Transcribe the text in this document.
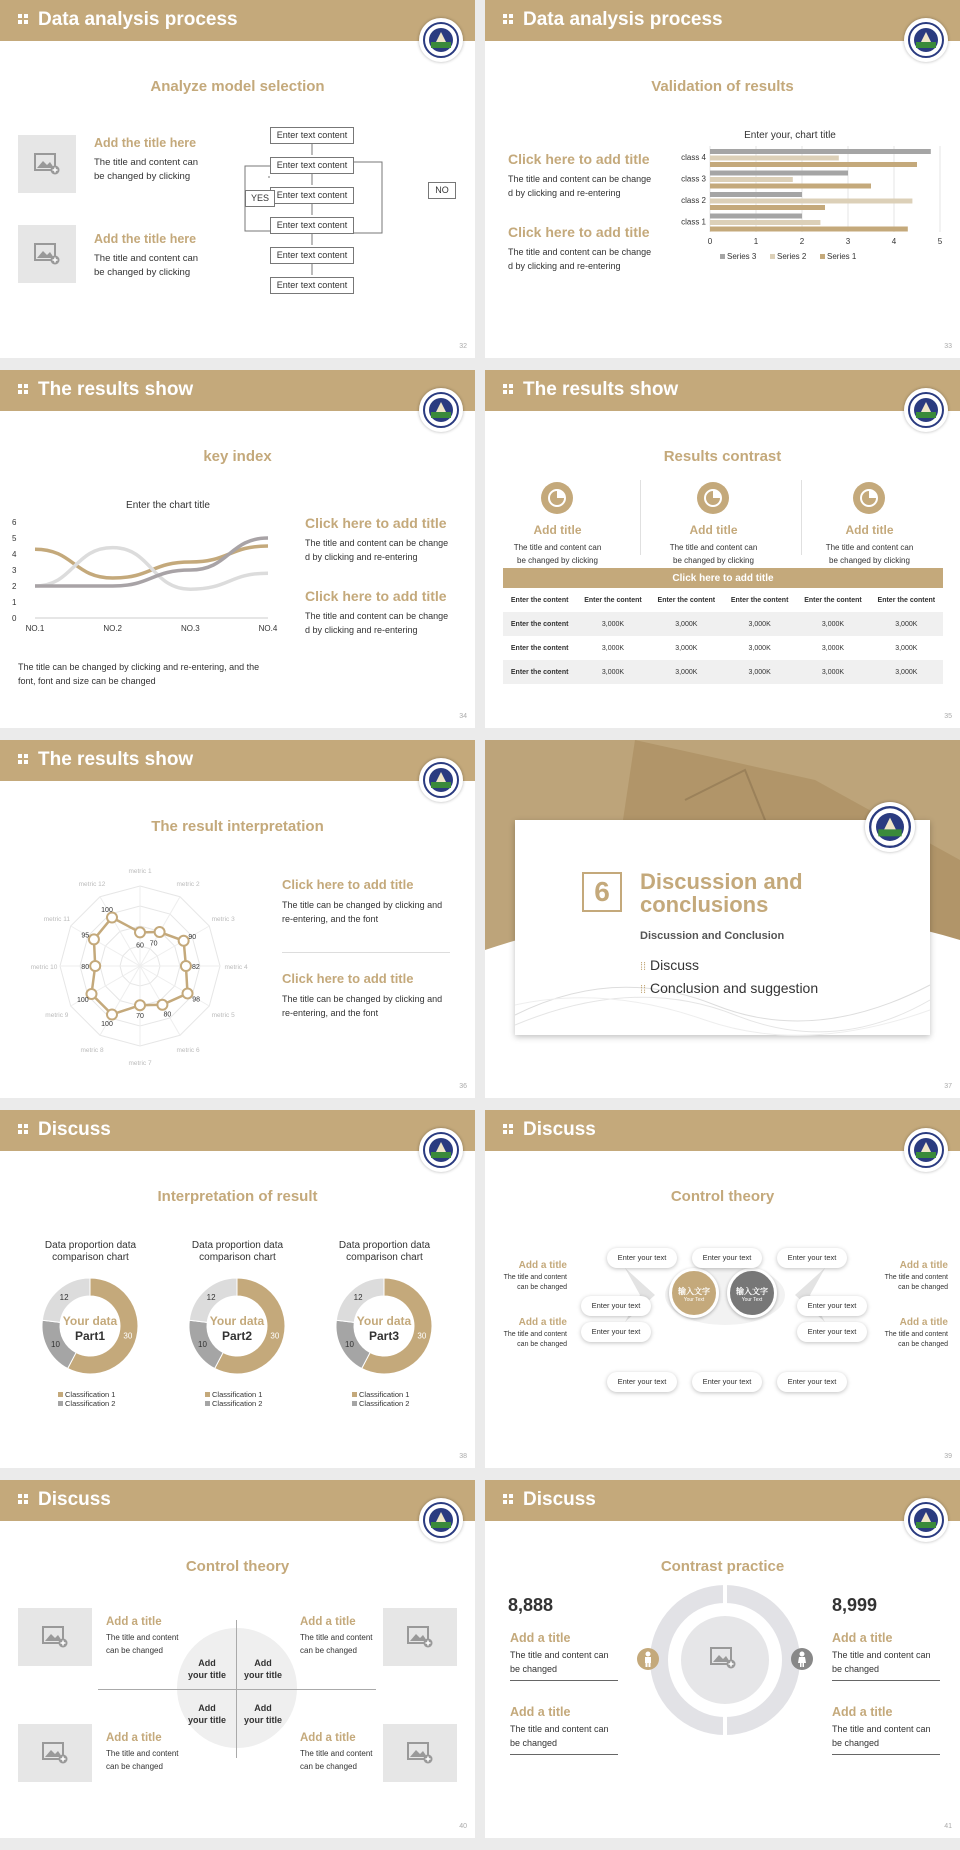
Data analysis process
Analyze model selection
Add the title here
The title and content can
be changed by clicking
Add the title here
The title and content can
be changed by clicking
Enter text content
Enter text content
Enter text content
Enter text content
Enter text content
Enter text content
YES
NO
32
Data analysis process
Validation of results
Click here to add title
The title and content can be change
d by clicking and re-entering
Click here to add title
The title and content can be change
d by clicking and re-entering
Enter your, chart title
0	1	2	3	4	5
class 1
class 2
class 3
class 4
Series 3	Series 2	Series 1
33
The results show
key index
Enter the chart title
0
1
2
3
4
5
6
NO.1	NO.2	NO.3	NO.4
Click here to add title
The title and content can be change
d by clicking and re-entering
Click here to add title
The title and content can be change
d by clicking and re-entering
The title can be changed by clicking and re-entering, and the
font, font and size can be changed
34
The results show
Results contrast
Add title
The title and content can
be changed by clicking
Add title
The title and content can
be changed by clicking
Add title
The title and content can
be changed by clicking
Click here to add title					
Enter the content	Enter the content	Enter the content	Enter the content	Enter the content	Enter the content
Enter the content	3,000K	3,000K	3,000K	3,000K	3,000K
Enter the content	3,000K	3,000K	3,000K	3,000K	3,000K
Enter the content	3,000K	3,000K	3,000K	3,000K	3,000K
35
The results show
The result interpretation
metric 1
metric 2
metric 3
metric 4
metric 5
metric 6
metric 7
metric 8
metric 9
metric 10
metric 11
metric 12
60 70
90
82
98
80
70
100
100
80
95
100
Click here to add title
The title can be changed by clicking and
re-entering, and the font
Click here to add title
The title can be changed by clicking and
re-entering, and the font
36
6	Discussion and
conclusions
Discussion and Conclusion
⁞⁞ Discuss
⁞⁞ Conclusion and suggestion
37
Discuss
Interpretation of result
38
Data proportion data
comparison chart
30
10
12
Your data
Part1
Classification 1
Classification 2
Data proportion data
comparison chart
30
10
12
Your data
Part2
Classification 1
Classification 2
Data proportion data
comparison chart
30
10
12
Your data
Part3
Classification 1
Classification 2
Discuss
Control theory
输入文字
Your Text
输入文字
Your Text
Enter your text	Enter your text	Enter your text
Enter your text
Enter your text
Enter your text
Enter your text
Enter your text	Enter your text	Enter your text
Add a title
The title and content
can be changed
Add a title
The title and content
can be changed
Add a title
The title and content
can be changed
Add a title
The title and content
can be changed
39
Discuss
Control theory
Add
your title
Add
your title
Add
your title
Add
your title
Add a title
The title and content
can be changed
Add a title
The title and content
can be changed
Add a title
The title and content
can be changed
Add a title
The title and content
can be changed
40
Discuss
Contrast practice
8,888	8,999
Add a title
The title and content can
be changed
Add a title
The title and content can
be changed
Add a title
The title and content can
be changed
Add a title
The title and content can
be changed
41
